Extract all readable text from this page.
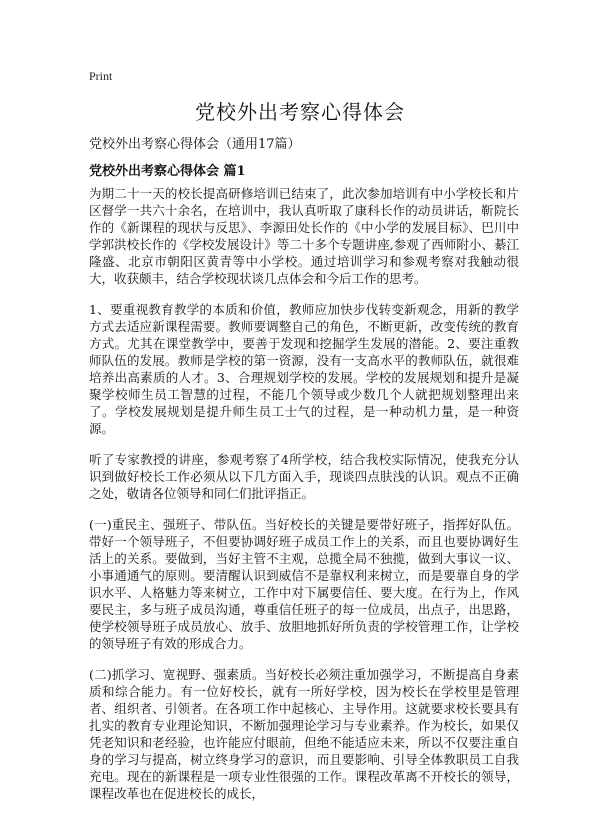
Print
党校外出考察心得体会

党校外出考察心得体会（通用17篇）

党校外出考察心得体会 篇1

为期二十一天的校长提高研修培训已结束了，此次参加培训有中小学校长和片区督学一共六十余名，在培训中，我认真听取了康科长作的动员讲话，靳院长作的《新课程的现状与反思》、李源田处长作的《中小学的发展目标》、巴川中学郭洪校长作的《学校发展设计》等二十多个专题讲座,参观了西师附小、綦江隆盛、北京市朝阳区黄青等中小学校。通过培训学习和参观考察对我触动很大，收获颇丰，结合学校现状谈几点体会和今后工作的思考。

1、要重视教育教学的本质和价值，教师应加快步伐转变新观念，用新的教学方式去适应新课程需要。教师要调整自己的角色，不断更新，改变传统的教育方式。尤其在课堂教学中，要善于发现和挖掘学生发展的潜能。2、要注重教师队伍的发展。教师是学校的第一资源，没有一支高水平的教师队伍，就很难培养出高素质的人才。3、合理规划学校的发展。学校的发展规划和提升是凝聚学校师生员工智慧的过程，不能几个领导或少数几个人就把规划整理出来了。学校发展规划是提升师生员工士气的过程，是一种动机力量，是一种资源。

听了专家教授的讲座，参观考察了4所学校，结合我校实际情况，使我充分认识到做好校长工作必须从以下几方面入手，现谈四点肤浅的认识。观点不正确之处，敬请各位领导和同仁们批评指正。

(一)重民主、强班子、带队伍。当好校长的关键是要带好班子，指挥好队伍。带好一个领导班子，不但要协调好班子成员工作上的关系，而且也要协调好生活上的关系。要做到，当好主管不主观，总揽全局不独揽，做到大事议一议、小事通通气的原则。要清醒认识到威信不是靠权利来树立，而是要靠自身的学识水平、人格魅力等来树立，工作中对下属要信任、要大度。在行为上，作风要民主，多与班子成员沟通，尊重信任班子的每一位成员，出点子，出思路，使学校领导班子成员放心、放手、放胆地抓好所负责的学校管理工作，让学校的领导班子有效的形成合力。

(二)抓学习、宽视野、强素质。当好校长必须注重加强学习，不断提高自身素质和综合能力。有一位好校长，就有一所好学校，因为校长在学校里是管理者、组织者、引领者。在各项工作中起核心、主导作用。这就要求校长要具有扎实的教育专业理论知识，不断加强理论学习与专业素养。作为校长，如果仅凭老知识和老经验，也许能应付眼前，但绝不能适应未来，所以不仅要注重自身的学习与提高，树立终身学习的意识，而且要影响、引导全体教职员工自我充电。现在的新课程是一项专业性很强的工作。课程改革离不开校长的领导，课程改革也在促进校长的成长，
